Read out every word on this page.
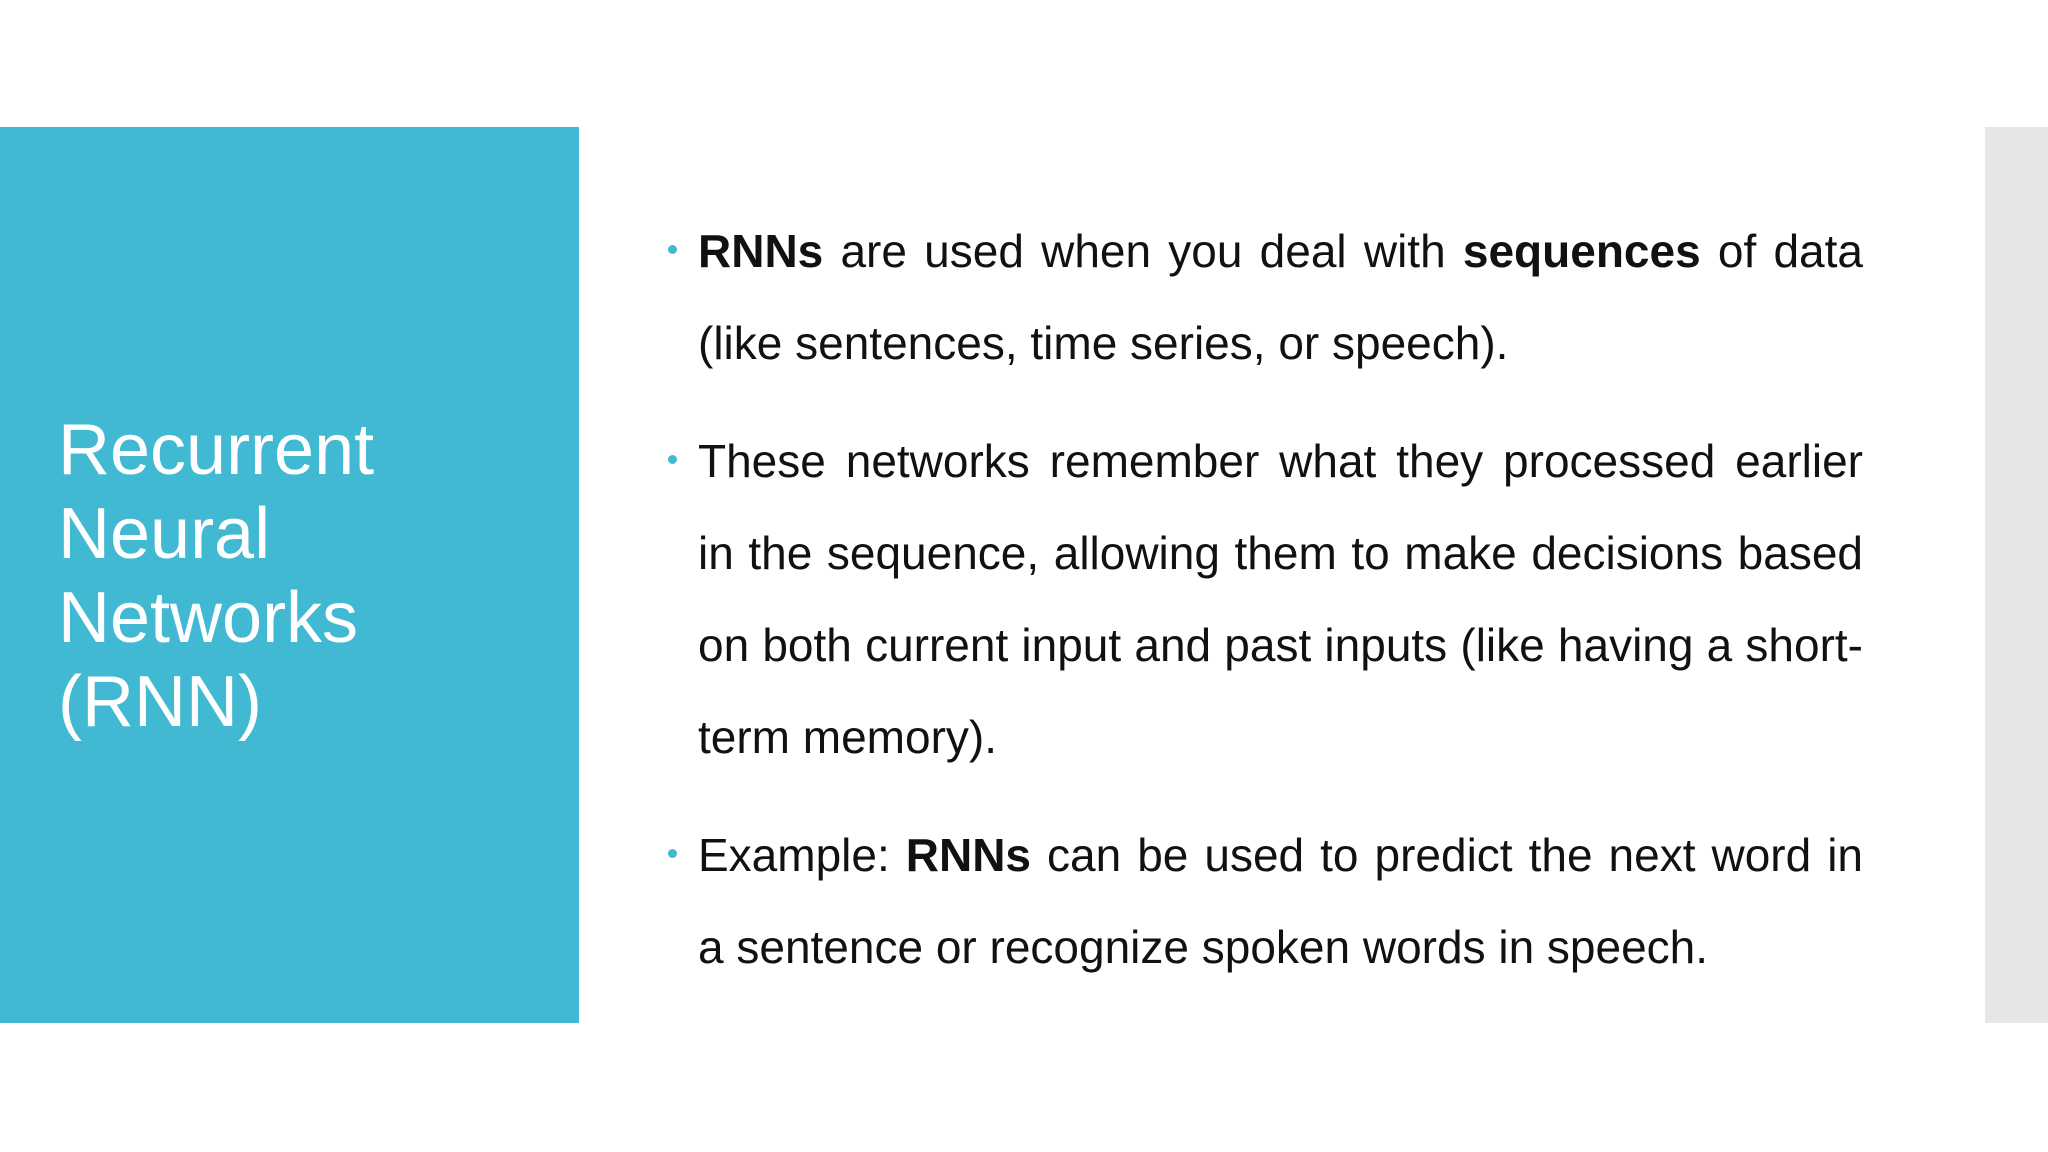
Recurrent
Neural
Networks
(RNN)
RNNs are used when you deal with sequences of data (like sentences, time series, or speech).
These networks remember what they processed earlier in the sequence, allowing them to make decisions based on both current input and past inputs (like having a short-term memory).
Example: RNNs can be used to predict the next word in a sentence or recognize spoken words in speech.
